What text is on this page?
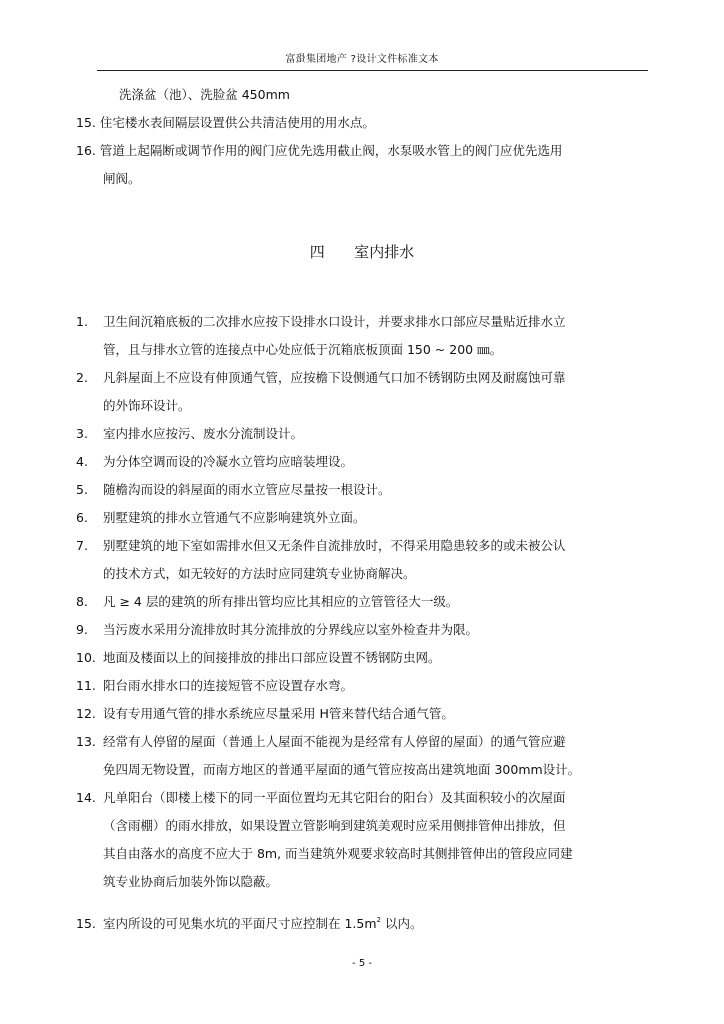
富蛩集团地产 ?设计文件标准文本
洗涤盆（池）、洗脸盆 450mm
15. 住宅楼水表间隔层设置供公共清洁使用的用水点。
16. 管道上起隔断或调节作用的阀门应优先选用截止阀，水泵吸水管上的阀门应优先选用
闸阀。
四 室内排水
1. 卫生间沉箱底板的二次排水应按下设排水口设计，并要求排水口部应尽量贴近排水立
管，且与排水立管的连接点中心处应低于沉箱底板顶面 150 ~ 200 ㎜。
2. 凡斜屋面上不应设有伸顶通气管，应按檐下设侧通气口加不锈钢防虫网及耐腐蚀可靠
的外饰环设计。
3. 室内排水应按污、废水分流制设计。
4. 为分体空调而设的冷凝水立管均应暗装埋设。
5. 随檐沟而设的斜屋面的雨水立管应尽量按一根设计。
6. 别墅建筑的排水立管通气不应影响建筑外立面。
7. 别墅建筑的地下室如需排水但又无条件自流排放时，不得采用隐患较多的或未被公认
的技术方式，如无较好的方法时应同建筑专业协商解决。
8. 凡 ≥ 4 层的建筑的所有排出管均应比其相应的立管管径大一级。
9. 当污废水采用分流排放时其分流排放的分界线应以室外检查井为限。
10. 地面及楼面以上的间接排放的排出口部应设置不锈钢防虫网。
11. 阳台雨水排水口的连接短管不应设置存水弯。
12. 设有专用通气管的排水系统应尽量采用 H管来替代结合通气管。
13. 经常有人停留的屋面（普通上人屋面不能视为是经常有人停留的屋面）的通气管应避
免四周无物设置，而南方地区的普通平屋面的通气管应按高出建筑地面 300mm设计。
14. 凡单阳台（即楼上楼下的同一平面位置均无其它阳台的阳台）及其面积较小的次屋面
（含雨棚）的雨水排放，如果设置立管影响到建筑美观时应采用侧排管伸出排放，但
其自由落水的高度不应大于 8m, 而当建筑外观要求较高时其侧排管伸出的管段应同建
筑专业协商后加装外饰以隐蔽。
15. 室内所设的可见集水坑的平面尺寸应控制在 $1.5m^2$ 以内。
- 5 -
